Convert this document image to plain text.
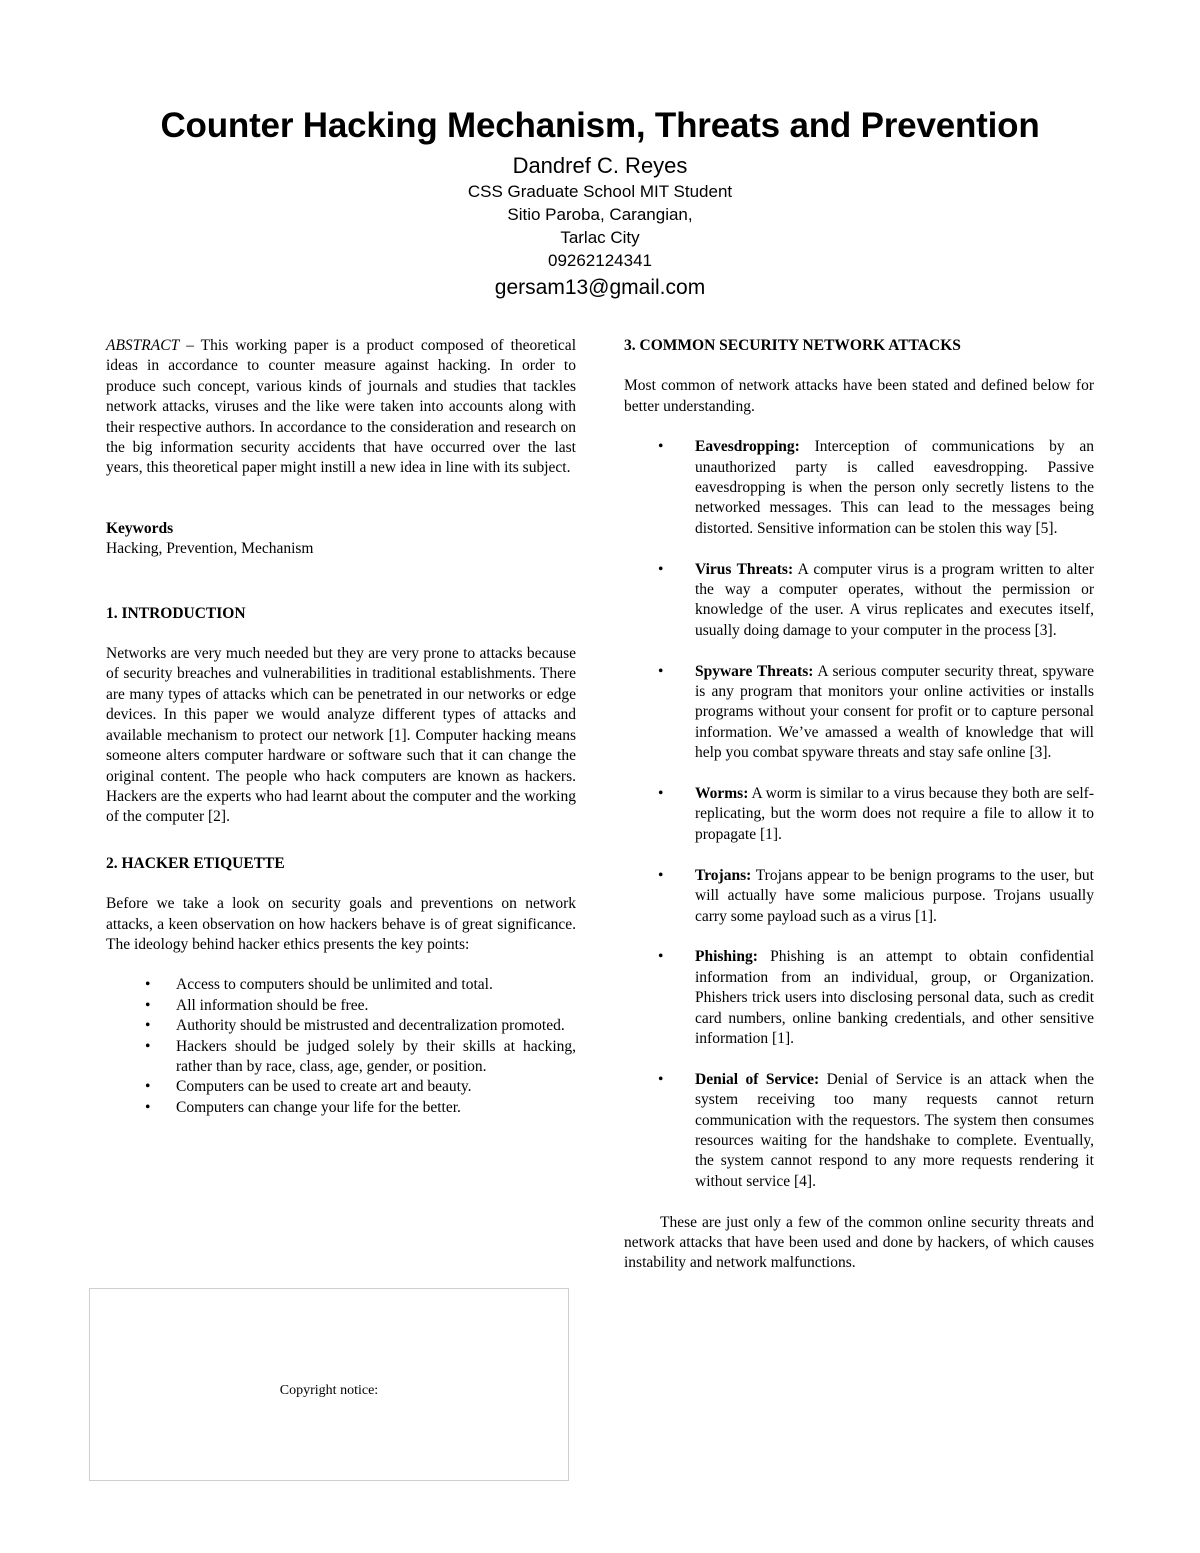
Counter Hacking Mechanism, Threats and Prevention
Dandref C. Reyes
CSS Graduate School MIT Student
Sitio Paroba, Carangian,
Tarlac City
09262124341
gersam13@gmail.com

ABSTRACT – This working paper is a product composed of theoretical ideas in accordance to counter measure against hacking. In order to produce such concept, various kinds of journals and studies that tackles network attacks, viruses and the like were taken into accounts along with their respective authors. In accordance to the consideration and research on the big information security accidents that have occurred over the last years, this theoretical paper might instill a new idea in line with its subject.

Keywords
Hacking, Prevention, Mechanism
1. INTRODUCTION

Networks are very much needed but they are very prone to attacks because of security breaches and vulnerabilities in traditional establishments. There are many types of attacks which can be penetrated in our networks or edge devices. In this paper we would analyze different types of attacks and available mechanism to protect our network [1]. Computer hacking means someone alters computer hardware or software such that it can change the original content. The people who hack computers are known as hackers. Hackers are the experts who had learnt about the computer and the working of the computer [2].

2. HACKER ETIQUETTE

Before we take a look on security goals and preventions on network attacks, a keen observation on how hackers behave is of great significance. The ideology behind hacker ethics presents the key points:

• Access to computers should be unlimited and total.
• All information should be free.
• Authority should be mistrusted and decentralization promoted.
• Hackers should be judged solely by their skills at hacking, rather than by race, class, age, gender, or position.
• Computers can be used to create art and beauty.
• Computers can change your life for the better.
Copyright notice:
3. COMMON SECURITY NETWORK ATTACKS

Most common of network attacks have been stated and defined below for better understanding.

• Eavesdropping: Interception of communications by an unauthorized party is called eavesdropping. Passive eavesdropping is when the person only secretly listens to the networked messages. This can lead to the messages being distorted. Sensitive information can be stolen this way [5].
• Virus Threats: A computer virus is a program written to alter the way a computer operates, without the permission or knowledge of the user. A virus replicates and executes itself, usually doing damage to your computer in the process [3].
• Spyware Threats: A serious computer security threat, spyware is any program that monitors your online activities or installs programs without your consent for profit or to capture personal information. We’ve amassed a wealth of knowledge that will help you combat spyware threats and stay safe online [3].
• Worms: A worm is similar to a virus because they both are self-replicating, but the worm does not require a file to allow it to propagate [1].
• Trojans: Trojans appear to be benign programs to the user, but will actually have some malicious purpose. Trojans usually carry some payload such as a virus [1].
• Phishing: Phishing is an attempt to obtain confidential information from an individual, group, or Organization. Phishers trick users into disclosing personal data, such as credit card numbers, online banking credentials, and other sensitive information [1].
• Denial of Service: Denial of Service is an attack when the system receiving too many requests cannot return communication with the requestors. The system then consumes resources waiting for the handshake to complete. Eventually, the system cannot respond to any more requests rendering it without service [4].

These are just only a few of the common online security threats and network attacks that have been used and done by hackers, of which causes instability and network malfunctions.
